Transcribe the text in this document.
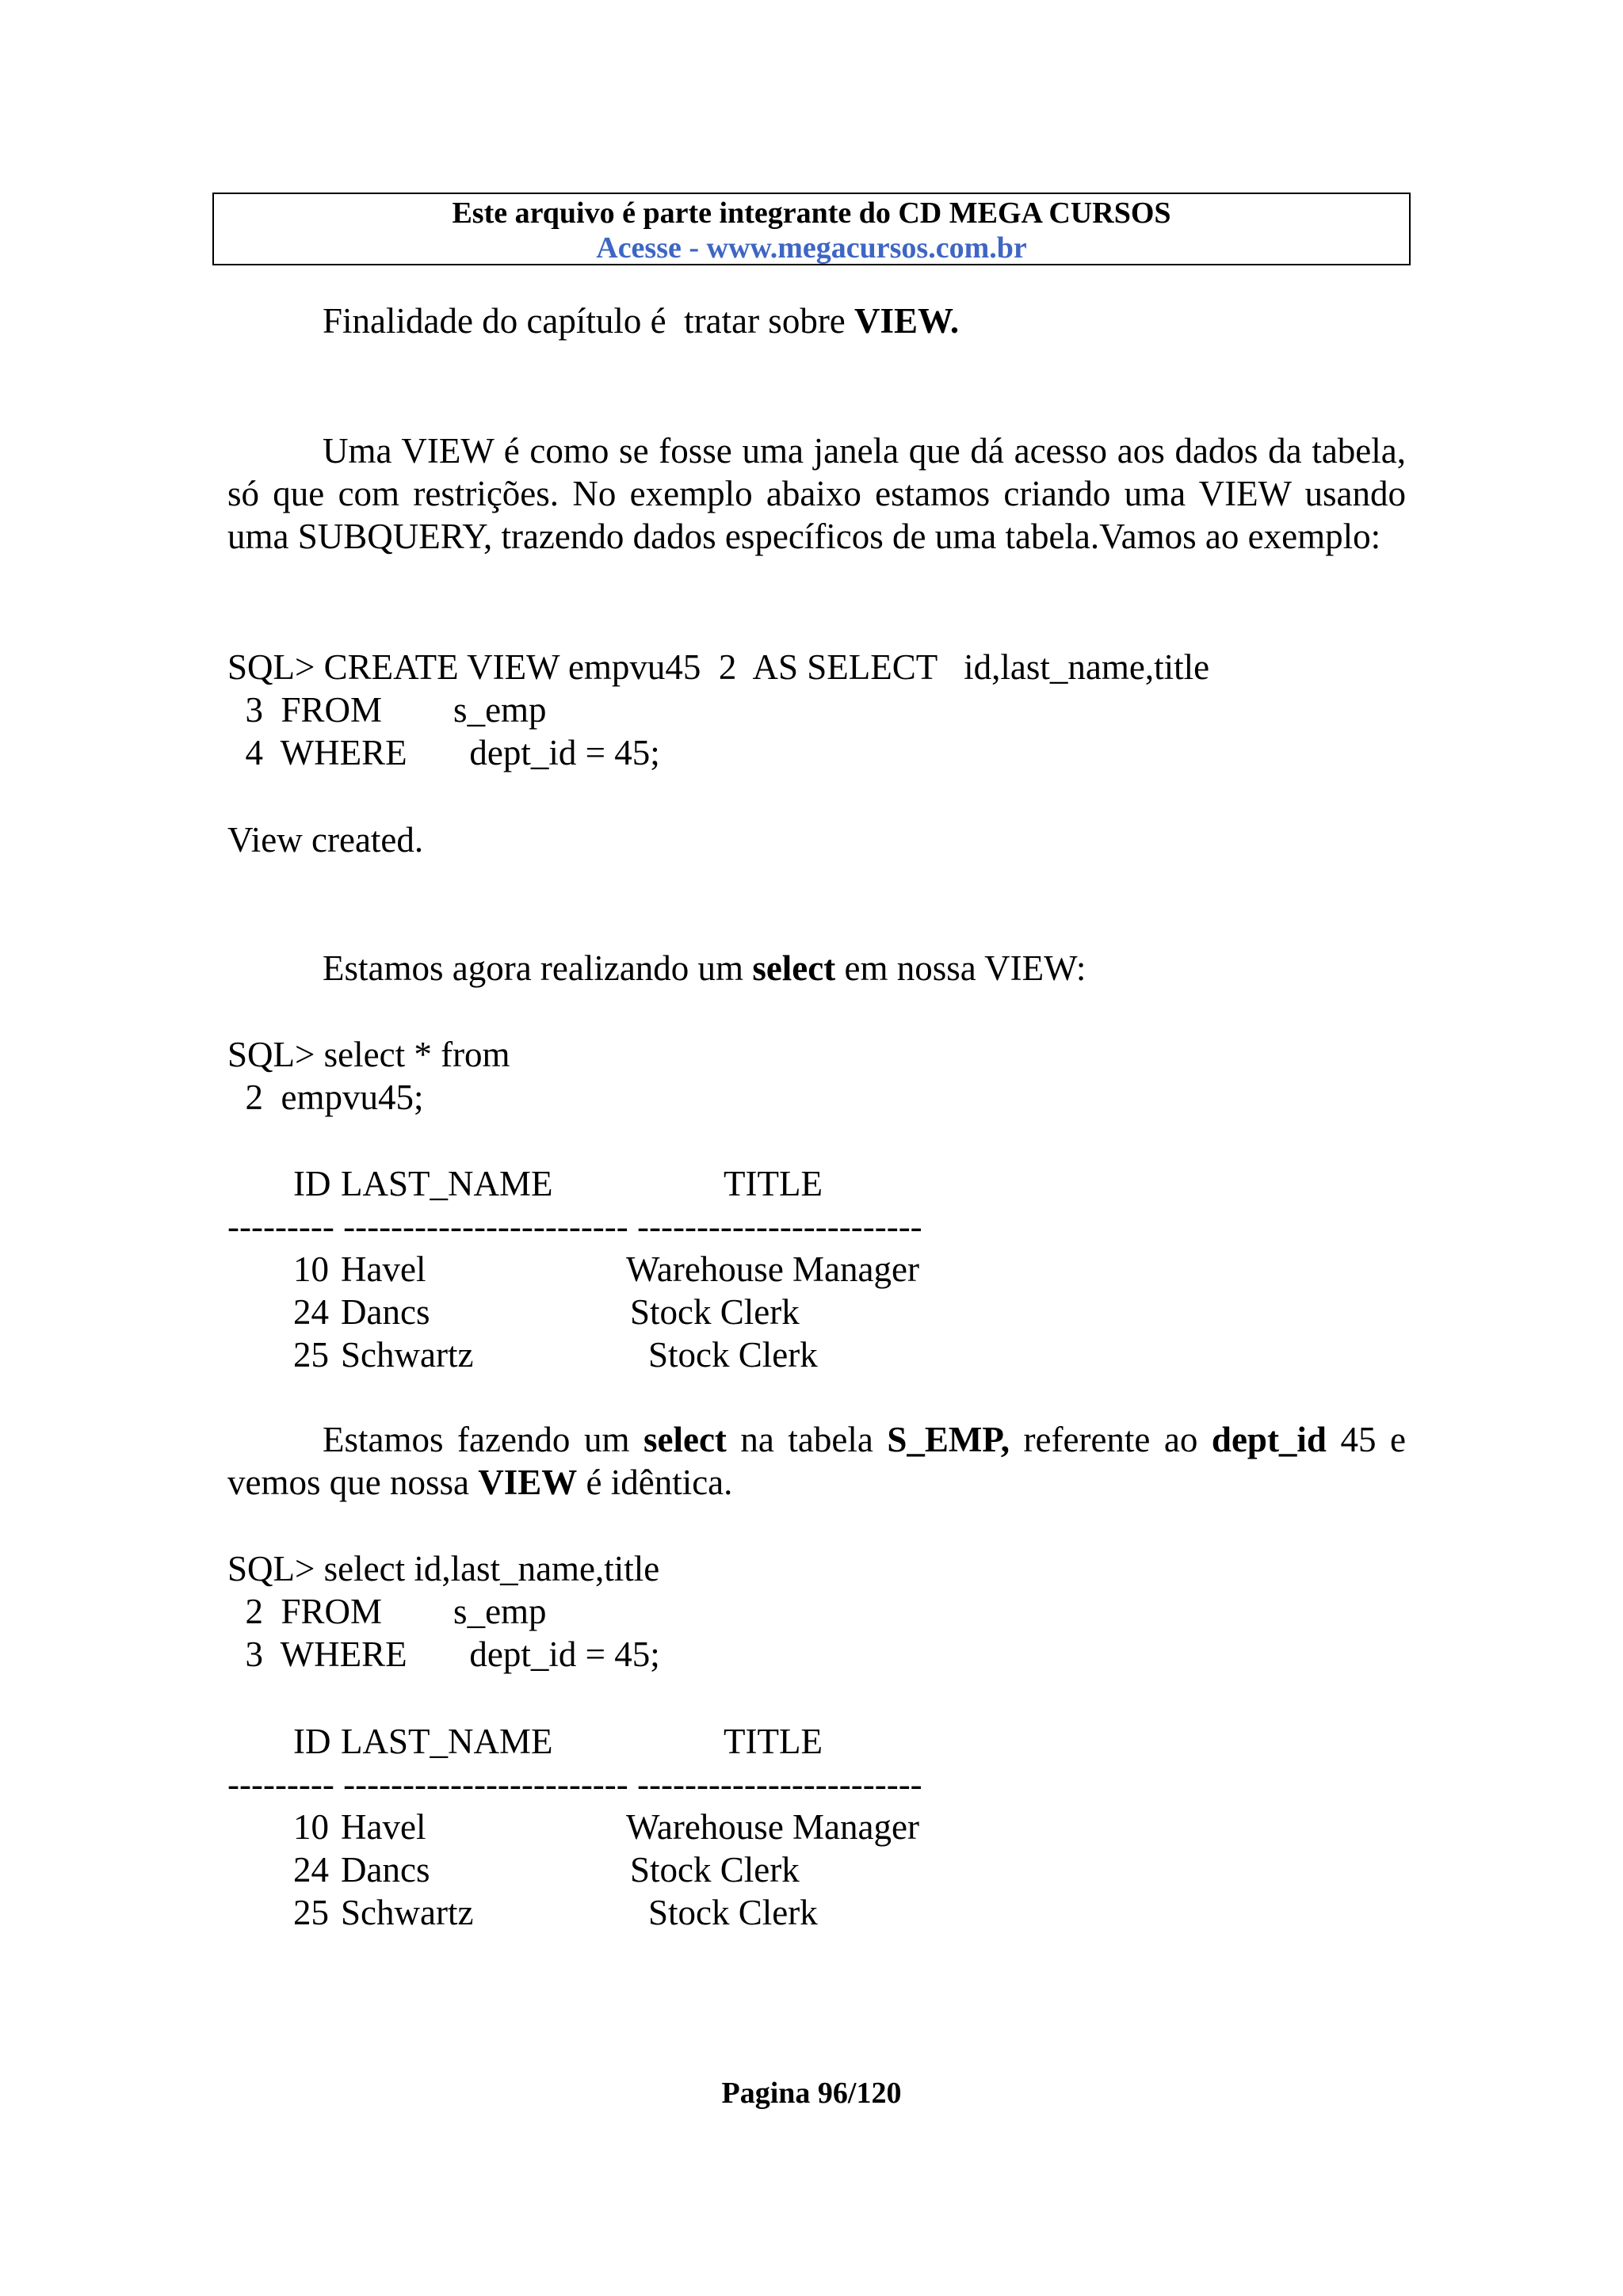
Este arquivo é parte integrante do CD MEGA CURSOS
Acesse - www.megacursos.com.br
Finalidade do capítulo é  tratar sobre VIEW.
Uma VIEW é como se fosse uma janela que dá acesso aos dados da tabela, só que com restrições. No exemplo abaixo estamos criando uma VIEW usando uma SUBQUERY, trazendo dados específicos de uma tabela.Vamos ao exemplo:
SQL> CREATE VIEW empvu45  2  AS SELECT   id,last_name,title
3  FROM        s_emp
4  WHERE       dept_id = 45;
View created.
Estamos agora realizando um select em nossa VIEW:
SQL> select * from
2  empvu45;
ID LAST_NAME	TITLE
--------- ------------------------ ------------------------
10 Havel	Warehouse Manager
24 Dancs	Stock Clerk
25 Schwartz	Stock Clerk
Estamos fazendo um select na tabela S_EMP, referente ao dept_id 45 e vemos que nossa VIEW é idêntica.
SQL> select id,last_name,title
2  FROM        s_emp
3  WHERE       dept_id = 45;
ID LAST_NAME	TITLE
--------- ------------------------ ------------------------
10 Havel	Warehouse Manager
24 Dancs	Stock Clerk
25 Schwartz	Stock Clerk
Pagina 96/120
